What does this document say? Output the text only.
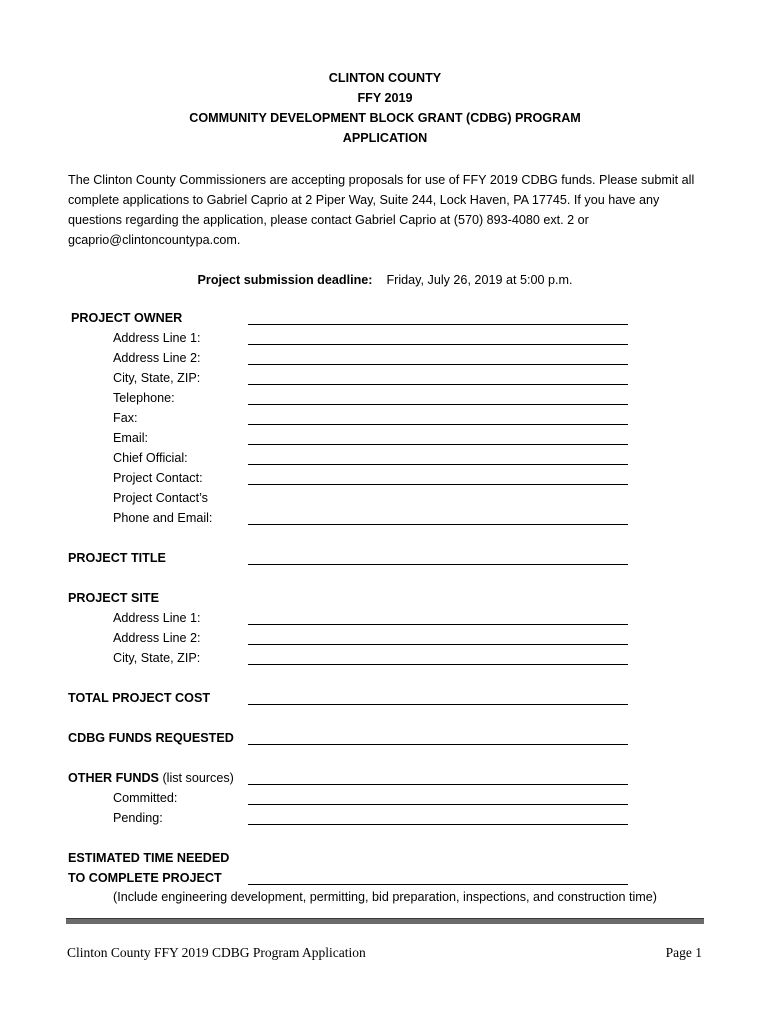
CLINTON COUNTY
FFY 2019
COMMUNITY DEVELOPMENT BLOCK GRANT (CDBG) PROGRAM
APPLICATION
The Clinton County Commissioners are accepting proposals for use of FFY 2019 CDBG funds. Please submit all
complete applications to Gabriel Caprio at 2 Piper Way, Suite 244, Lock Haven, PA 17745. If you have any
questions regarding the application, please contact Gabriel Caprio at (570) 893-4080 ext. 2 or
gcaprio@clintoncountypa.com.
Project submission deadline: Friday, July 26, 2019 at 5:00 p.m.
PROJECT OWNER
Address Line 1:
Address Line 2:
City, State, ZIP:
Telephone:
Fax:
Email:
Chief Official:
Project Contact:
Project Contact’s
Phone and Email:
PROJECT TITLE
PROJECT SITE
Address Line 1:
Address Line 2:
City, State, ZIP:
TOTAL PROJECT COST
CDBG FUNDS REQUESTED
OTHER FUNDS (list sources)
Committed:
Pending:
ESTIMATED TIME NEEDED
TO COMPLETE PROJECT
(Include engineering development, permitting, bid preparation, inspections, and construction time)
Clinton County FFY 2019 CDBG Program Application	Page 1
